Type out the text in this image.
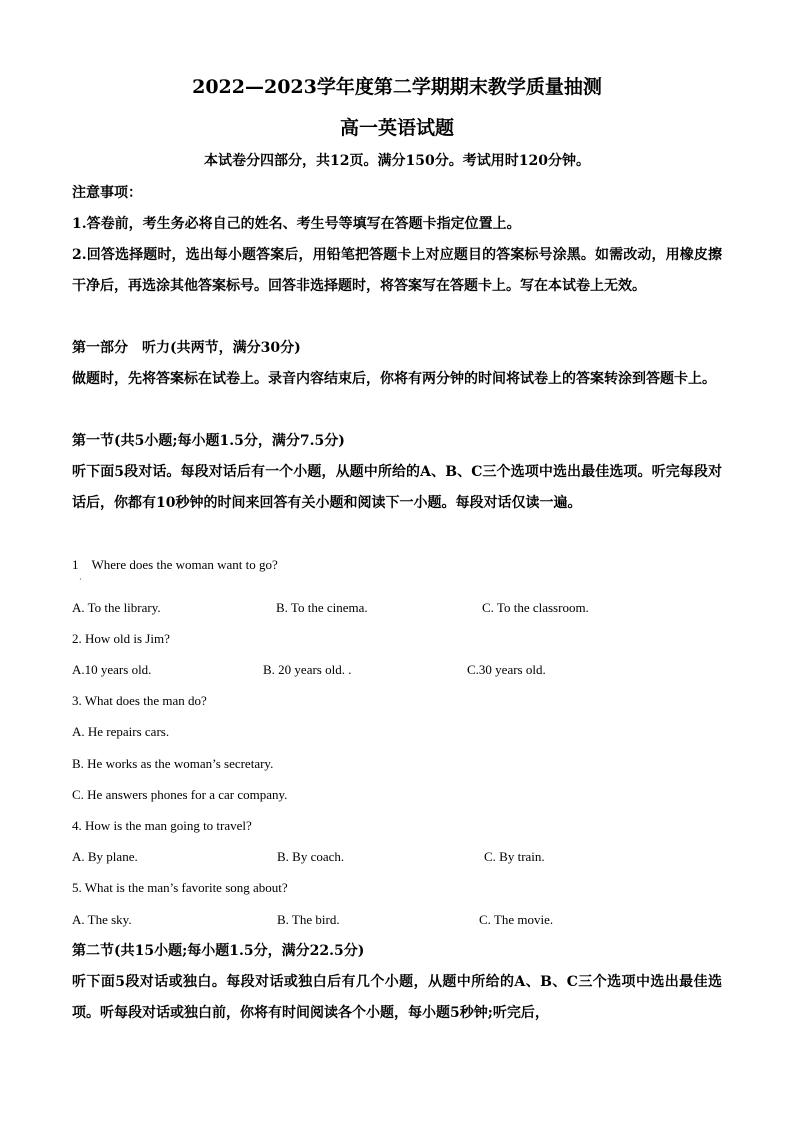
2022—2023学年度第二学期期末教学质量抽测
高一英语试题
本试卷分四部分，共12页。满分150分。考试用时120分钟。
注意事项：
1.答卷前，考生务必将自己的姓名、考生号等填写在答题卡指定位置上。
2.回答选择题时，选出每小题答案后，用铅笔把答题卡上对应题目的答案标号涂黑。如需改动，用橡皮擦干净后，再选涂其他答案标号。回答非选择题时，将答案写在答题卡上。写在本试卷上无效。
第一部分　听力(共两节，满分30分)
做题时，先将答案标在试卷上。录音内容结束后，你将有两分钟的时间将试卷上的答案转涂到答题卡上。
第一节(共5小题;每小题1.5分，满分7.5分)
听下面5段对话。每段对话后有一个小题，从题中所给的A、B、C三个选项中选出最佳选项。听完每段对话后，你都有10秒钟的时间来回答有关小题和阅读下一小题。每段对话仅读一遍。
1　Where does the woman want to go?
·
A. To the library.	B. To the cinema.	C. To the classroom.
2. How old is Jim?
A.10 years old.	B. 20 years old. .	C.30 years old.
3. What does the man do?
A. He repairs cars.
B. He works as the woman’s secretary.
C. He answers phones for a car company.
4. How is the man going to travel?
A. By plane.	B. By coach.	C. By train.
5. What is the man’s favorite song about?
A. The sky.	B. The bird.	C. The movie.
第二节(共15小题;每小题1.5分，满分22.5分)
听下面5段对话或独白。每段对话或独白后有几个小题，从题中所给的A、B、C三个选项中选出最佳选项。听每段对话或独白前，你将有时间阅读各个小题，每小题5秒钟;听完后，
